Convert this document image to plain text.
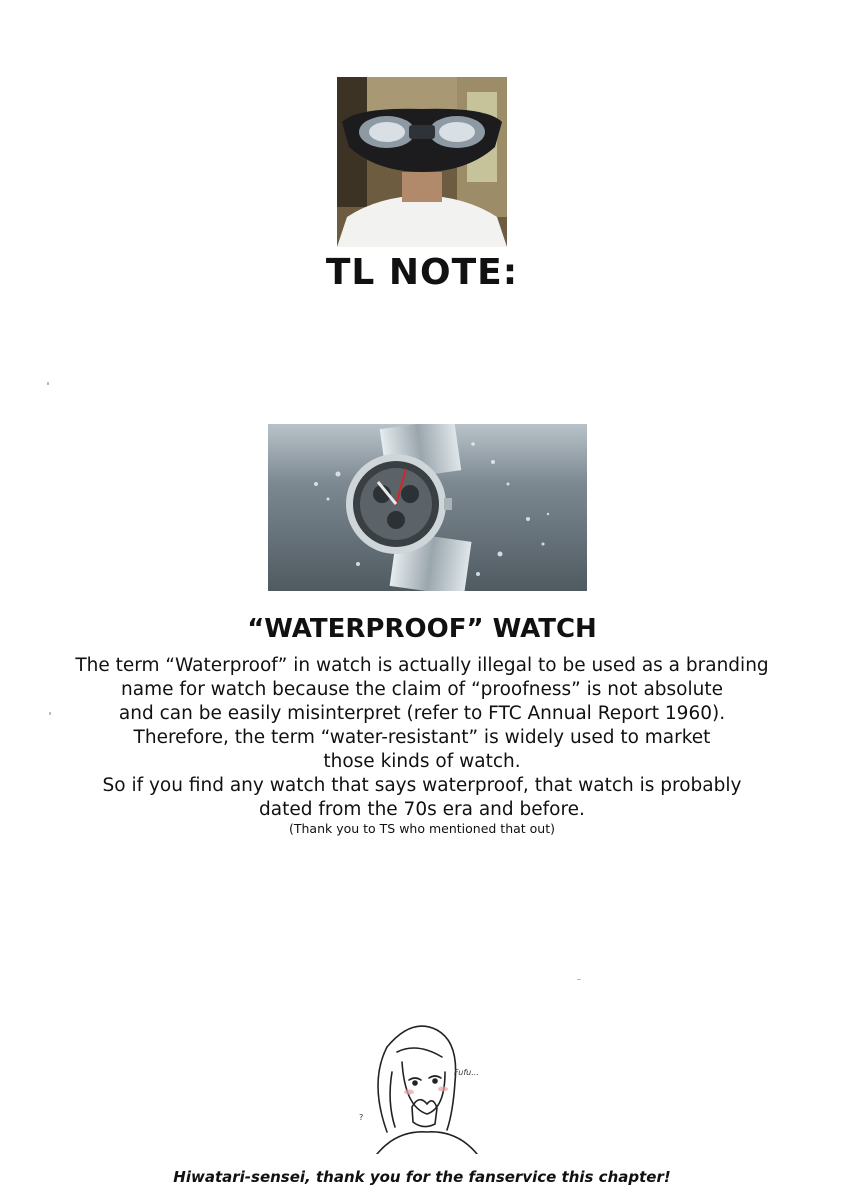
TL NOTE:
“WATERPROOF” WATCH
The term “Waterproof” in watch is actually illegal to be used as a branding
name for watch because the claim of “proofness” is not absolute
and can be easily misinterpret (refer to FTC Annual Report 1960).
Therefore, the term “water-resistant” is widely used to market
those kinds of watch.
So if you find any watch that says waterproof, that watch is probably
dated from the 70s era and before.
(Thank you to TS who mentioned that out)
Fufu...
?
Hiwatari-sensei, thank you for the fanservice this chapter!
